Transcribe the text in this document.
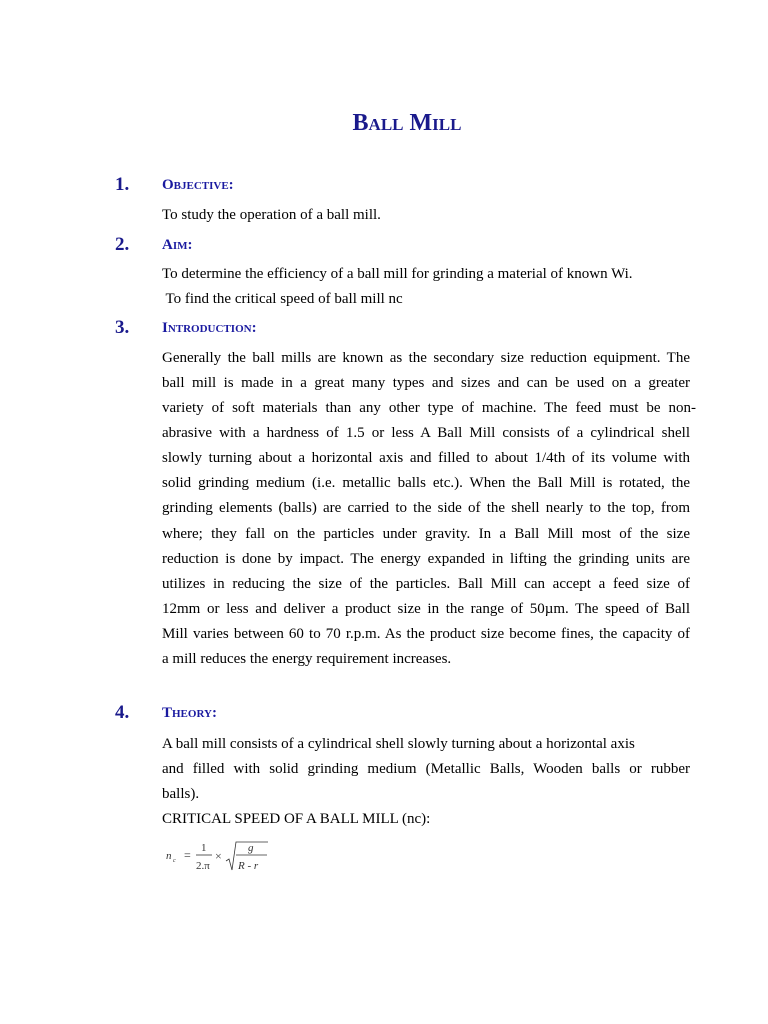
Ball Mill
1. Objective:
To study the operation of a ball mill.
2. Aim:
To determine the efficiency of a ball mill for grinding a material of known Wi.
To find the critical speed of ball mill nc
3. Introduction:
Generally the ball mills are known as the secondary size reduction equipment. The
ball mill is made in a great many types and sizes and can be used on a greater
variety of soft materials than any other type of machine. The feed must be non-
abrasive with a hardness of 1.5 or less A Ball Mill consists of a cylindrical shell
slowly turning about a horizontal axis and filled to about 1/4th of its volume with
solid grinding medium (i.e. metallic balls etc.). When the Ball Mill is rotated, the
grinding elements (balls) are carried to the side of the shell nearly to the top, from
where; they fall on the particles under gravity. In a Ball Mill most of the size
reduction is done by impact. The energy expanded in lifting the grinding units are
utilizes in reducing the size of the particles. Ball Mill can accept a feed size of
12mm or less and deliver a product size in the range of 50µm. The speed of Ball
Mill varies between 60 to 70 r.p.m. As the product size become fines, the capacity of
a mill reduces the energy requirement increases.
4. Theory:
A ball mill consists of a cylindrical shell slowly turning about a horizontal axis
and filled with solid grinding medium (Metallic Balls, Wooden balls or rubber
balls).
CRITICAL SPEED OF A BALL MILL (nc):
n c = 1
2.π
×
g
R - r
